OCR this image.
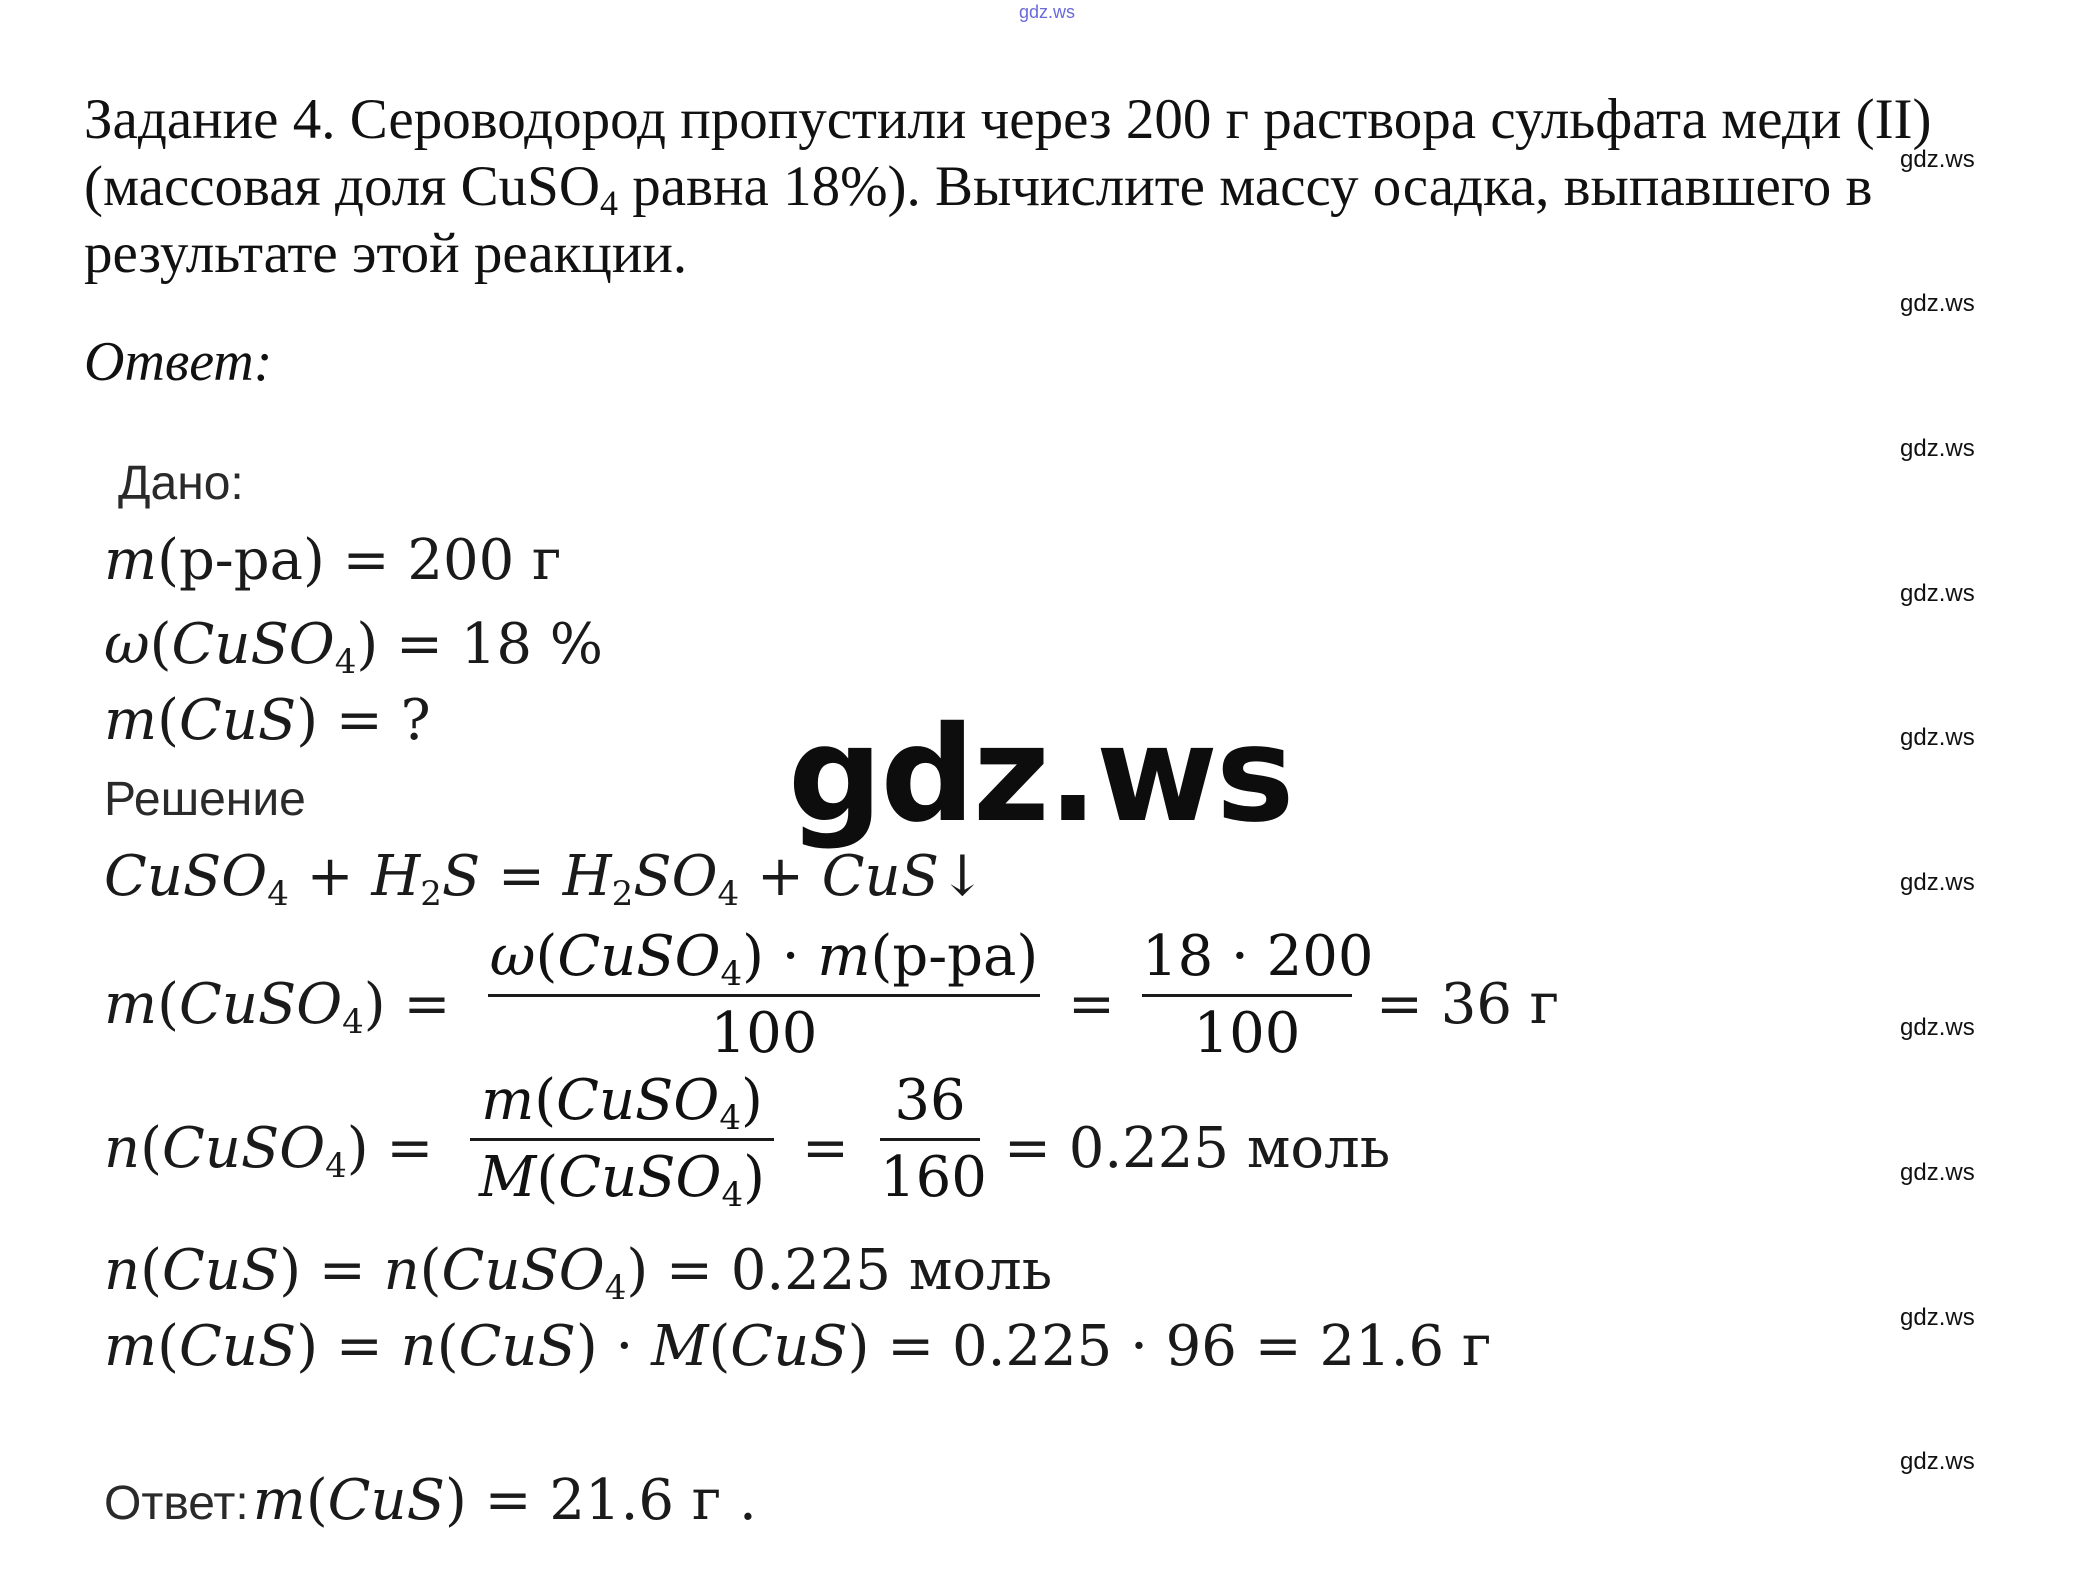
gdz.ws
gdz.ws
gdz.ws
gdz.ws
gdz.ws
gdz.ws
gdz.ws
gdz.ws
gdz.ws
gdz.ws
gdz.ws
Задание 4. Сероводород пропустили через 200 г раствора сульфата меди (II)
(массовая доля CuSO$_4$ равна 18%). Вычислите массу осадка, выпавшего в
результате этой реакции.
Ответ:
Дано:
m(р-ра) = 200 г
ω(CuSO$_4$) = 18 %
m(CuS) = ?
Решение
CuSO$_4$ + $H_2S = H_2SO_4$ + CuS↓
m(CuSO$_4$) =
ω(CuSO$_4$) · m(р-ра)
100	=
18 · 200
100	= 36 г
n(CuSO$_4$) =
m(CuSO$_4$)
M(CuSO$_4$) =
36
160 = 0.225 моль
n(CuS) = n(CuSO$_4$) = 0.225 моль
m(CuS) = n(CuS) · M(CuS) = 0.225 · 96 = 21.6 г
Ответ: m(CuS) = 21.6 г .
gdz.ws
